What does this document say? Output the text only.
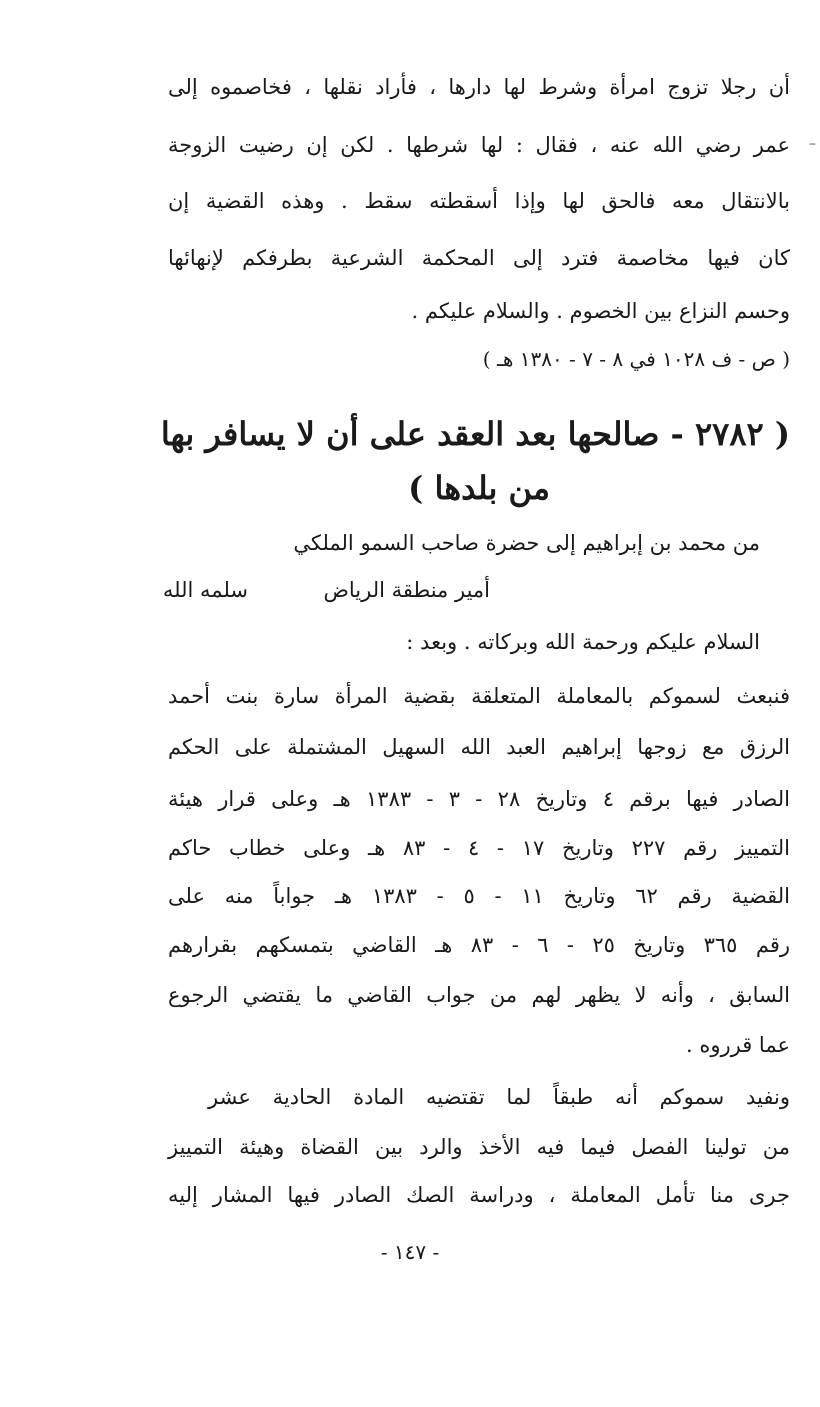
أن رجلا تزوج امرأة وشرط لها دارها ، فأراد نقلها ، فخاصموه إلى
عمر رضي الله عنه ، فقال : لها شرطها . لكن إن رضيت الزوجة
بالانتقال معه فالحق لها وإذا أسقطته سقط . وهذه القضية إن
كان فيها مخاصمة فترد إلى المحكمة الشرعية بطرفكم لإنهائها
وحسم النزاع بين الخصوم . والسلام عليكم .
–
( ص - ف ١٠٢٨ في ٨ - ٧ - ١٣٨٠ هـ )
( ٢٧٨٢ - صالحها بعد العقد على أن لا يسافر بها
من بلدها )
من محمد بن إبراهيم إلى حضرة صاحب السمو الملكي
أمير منطقة الرياض
سلمه الله
السلام عليكم ورحمة الله وبركاته . وبعد :
فنبعث لسموكم بالمعاملة المتعلقة بقضية المرأة سارة بنت أحمد
الرزق مع زوجها إبراهيم العبد الله السهيل المشتملة على الحكم
الصادر فيها برقم ٤ وتاريخ ٢٨ - ٣ - ١٣٨٣ هـ وعلى قرار هيئة
التمييز رقم ٢٢٧ وتاريخ ١٧ - ٤ - ٨٣ هـ وعلى خطاب حاكم
القضية رقم ٦٢ وتاريخ ١١ - ٥ - ١٣٨٣ هـ جواباً منه على
رقم ٣٦٥ وتاريخ ٢٥ - ٦ - ٨٣ هـ القاضي بتمسكهم بقرارهم
السابق ، وأنه لا يظهر لهم من جواب القاضي ما يقتضي الرجوع
عما قرروه .
ونفيد سموكم أنه طبقاً لما تقتضيه المادة الحادية عشر
من تولينا الفصل فيما فيه الأخذ والرد بين القضاة وهيئة التمييز
جرى منا تأمل المعاملة ، ودراسة الصك الصادر فيها المشار إليه
- ١٤٧ -
